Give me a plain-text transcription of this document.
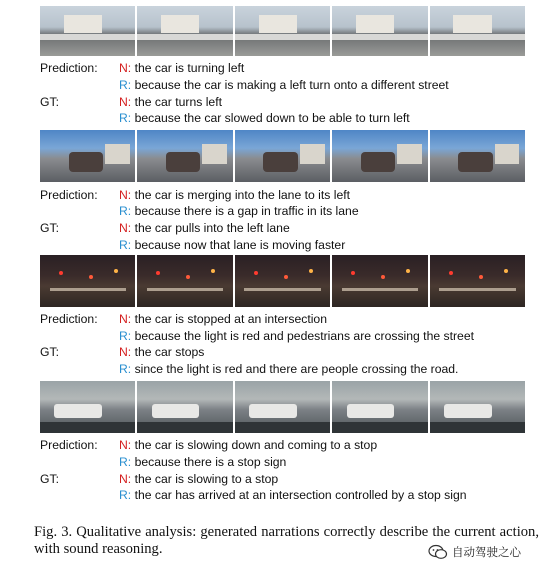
Prediction: N: the car is turning left
R: because the car is making a left turn onto a different street
GT:	N: the car turns left
R: because the car slowed down to be able to turn left
Prediction: N: the car is merging into the lane to its left
R: because there is a gap in traffic in its lane
GT:	N: the car pulls into the left lane
R: because now that lane is moving faster
Prediction: N: the car is stopped at an intersection
R: because the light is red and pedestrians are crossing the street
GT:	N: the car stops
R: since the light is red and there are people crossing the road.
Prediction: N: the car is slowing down and coming to a stop
R: because there is a stop sign
GT:	N: the car is slowing to a stop
R: the car has arrived at an intersection controlled by a stop sign
Fig. 3. Qualitative analysis: generated narrations correctly describe the current action, with sound reasoning.	自动驾驶之心
